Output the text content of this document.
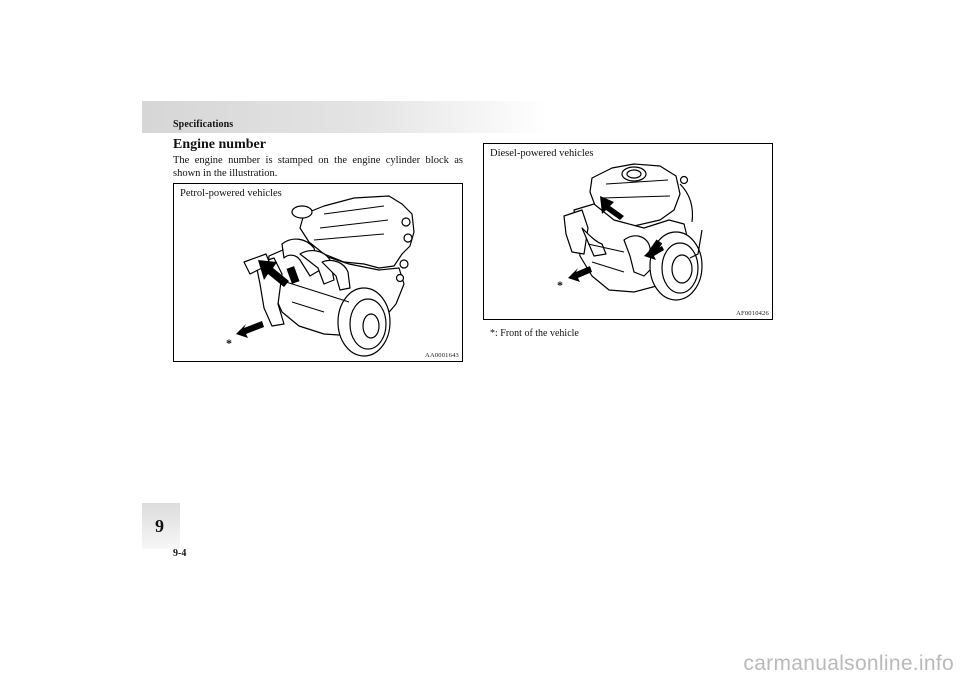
Specifications
Engine number
The engine number is stamped on the engine cylinder block as shown in the illustration.
Petrol-powered vehicles
*
AA0001643
Diesel-powered vehicles
*
AF0010426
*: Front of the vehicle
9
9-4
carmanualsonline.info
